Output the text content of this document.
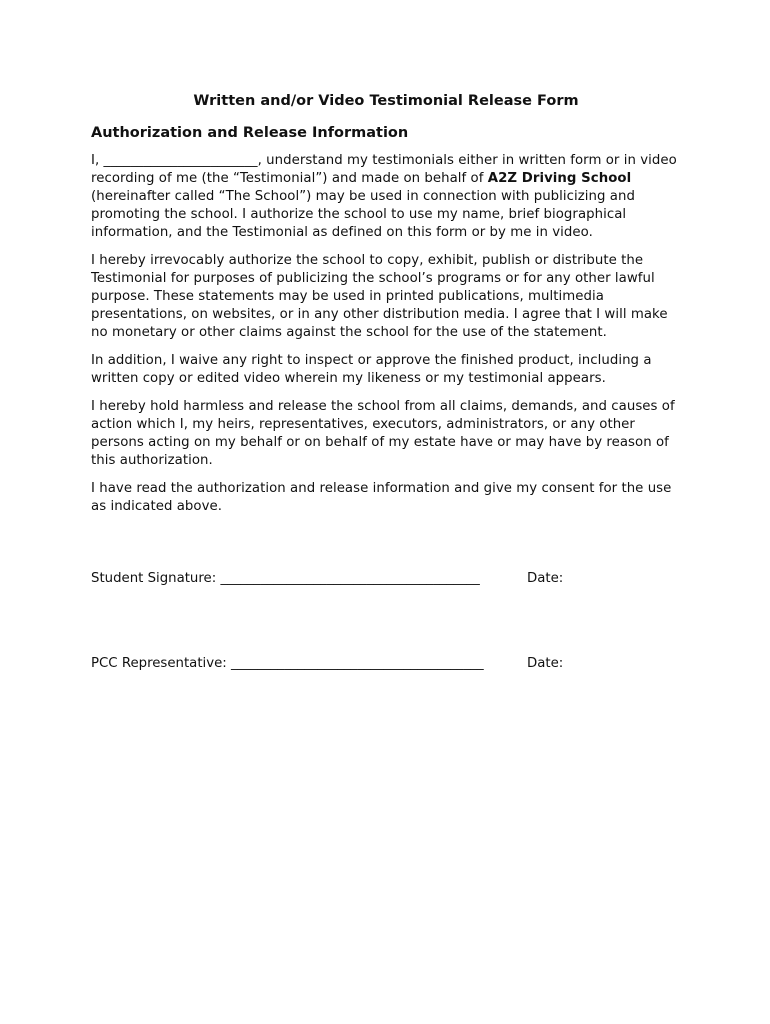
Written and/or Video Testimonial Release Form
Authorization and Release Information

I, _______________________, understand my testimonials either in written form or in video recording of me (the “Testimonial”) and made on behalf of A2Z Driving School (hereinafter called “The School”) may be used in connection with publicizing and promoting the school. I authorize the school to use my name, brief biographical information, and the Testimonial as defined on this form or by me in video.

I hereby irrevocably authorize the school to copy, exhibit, publish or distribute the Testimonial for purposes of publicizing the school’s programs or for any other lawful purpose. These statements may be used in printed publications, multimedia presentations, on websites, or in any other distribution media. I agree that I will make no monetary or other claims against the school for the use of the statement.

In addition, I waive any right to inspect or approve the finished product, including a written copy or edited video wherein my likeness or my testimonial appears.

I hereby hold harmless and release the school from all claims, demands, and causes of action which I, my heirs, representatives, executors, administrators, or any other persons acting on my behalf or on behalf of my estate have or may have by reason of this authorization.

I have read the authorization and release information and give my consent for the use as indicated above.

Student Signature: _______________________________________	Date:
PCC Representative: ______________________________________	Date:
